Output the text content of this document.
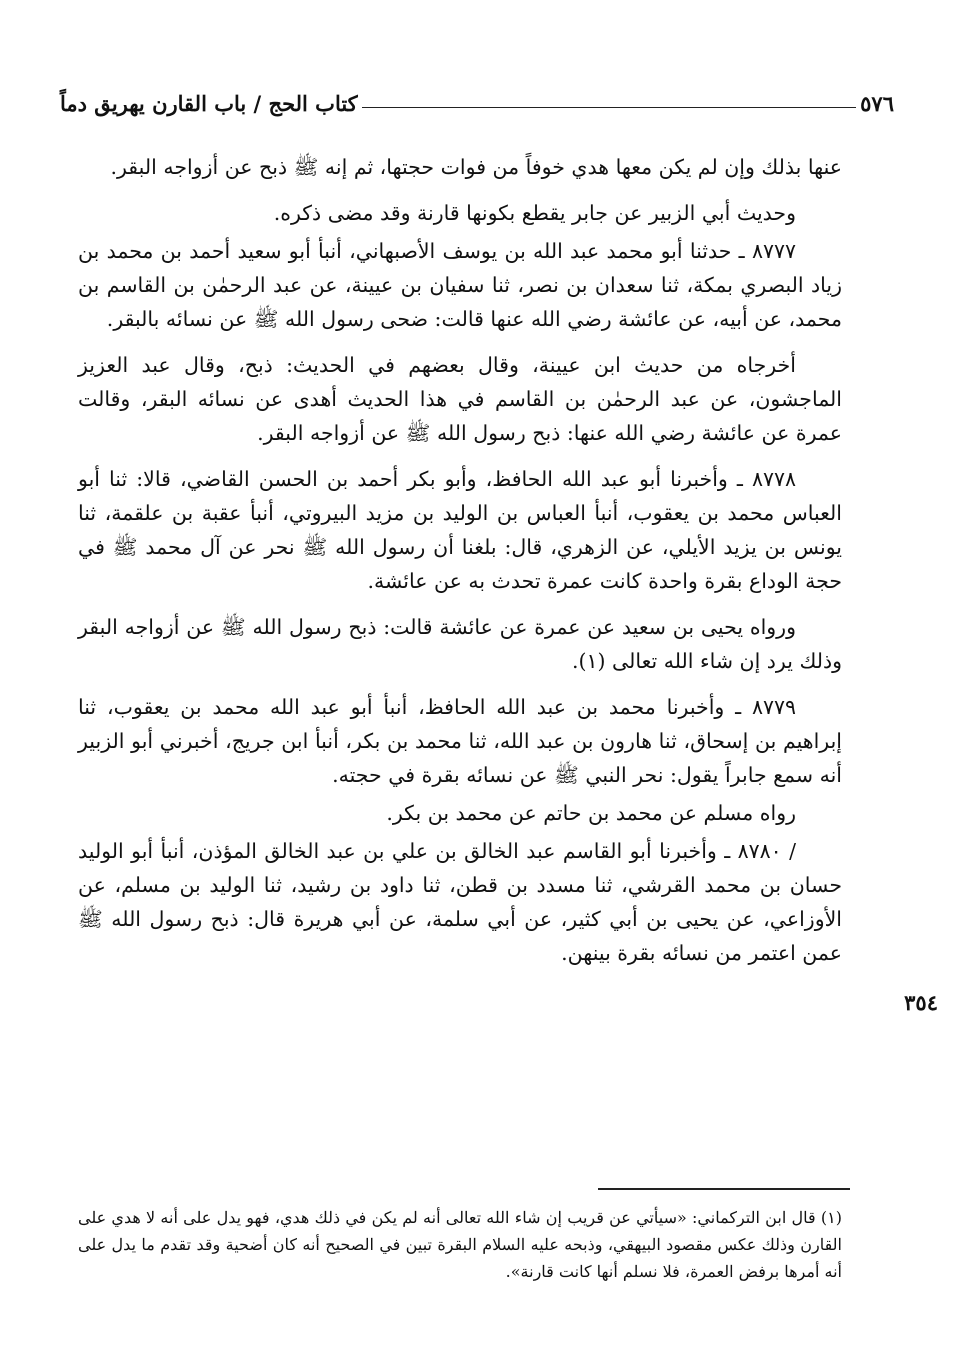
٥٧٦
كتاب الحج / باب القارن يهريق دماً

عنها بذلك وإن لم يكن معها هدي خوفاً من فوات حجتها، ثم إنه ﷺ ذبح عن أزواجه البقر.

وحديث أبي الزبير عن جابر يقطع بكونها قارنة وقد مضى ذكره.

٨٧٧٧ ـ حدثنا أبو محمد عبد الله بن يوسف الأصبهاني، أنبأ أبو سعيد أحمد بن محمد بن زياد البصري بمكة، ثنا سعدان بن نصر، ثنا سفيان بن عيينة، عن عبد الرحمٰن بن القاسم بن محمد، عن أبيه، عن عائشة رضي الله عنها قالت: ضحى رسول الله ﷺ عن نسائه بالبقر.

أخرجاه من حديث ابن عيينة، وقال بعضهم في الحديث: ذبح، وقال عبد العزيز الماجشون، عن عبد الرحمٰن بن القاسم في هذا الحديث أهدى عن نسائه البقر، وقالت عمرة عن عائشة رضي الله عنها: ذبح رسول الله ﷺ عن أزواجه البقر.

٨٧٧٨ ـ وأخبرنا أبو عبد الله الحافظ، وأبو بكر أحمد بن الحسن القاضي، قالا: ثنا أبو العباس محمد بن يعقوب، أنبأ العباس بن الوليد بن مزيد البيروتي، أنبأ عقبة بن علقمة، ثنا يونس بن يزيد الأيلي، عن الزهري، قال: بلغنا أن رسول الله ﷺ نحر عن آل محمد ﷺ في حجة الوداع بقرة واحدة كانت عمرة تحدث به عن عائشة.

ورواه يحيى بن سعيد عن عمرة عن عائشة قالت: ذبح رسول الله ﷺ عن أزواجه البقر وذلك يرد إن شاء الله تعالى (١).

٨٧٧٩ ـ وأخبرنا محمد بن عبد الله الحافظ، أنبأ أبو عبد الله محمد بن يعقوب، ثنا إبراهيم بن إسحاق، ثنا هارون بن عبد الله، ثنا محمد بن بكر، أنبأ ابن جريج، أخبرني أبو الزبير أنه سمع جابراً يقول: نحر النبي ﷺ عن نسائه بقرة في حجته.

رواه مسلم عن محمد بن حاتم عن محمد بن بكر.

/ ٨٧٨٠ ـ وأخبرنا أبو القاسم عبد الخالق بن علي بن عبد الخالق المؤذن، أنبأ أبو الوليد حسان بن محمد القرشي، ثنا مسدد بن قطن، ثنا داود بن رشيد، ثنا الوليد بن مسلم، عن الأوزاعي، عن يحيى بن أبي كثير، عن أبي سلمة، عن أبي هريرة قال: ذبح رسول الله ﷺ عمن اعتمر من نسائه بقرة بينهن.

٣٥٤
(١) قال ابن التركماني: «سيأتي عن قريب إن شاء الله تعالى أنه لم يكن في ذلك هدي، فهو يدل على أنه لا هدي على القارن وذلك عكس مقصود البيهقي، وذبحه عليه السلام البقرة تبين في الصحيح أنه كان أضحية وقد تقدم ما يدل على أنه أمرها برفض العمرة، فلا نسلم أنها كانت قارنة».
